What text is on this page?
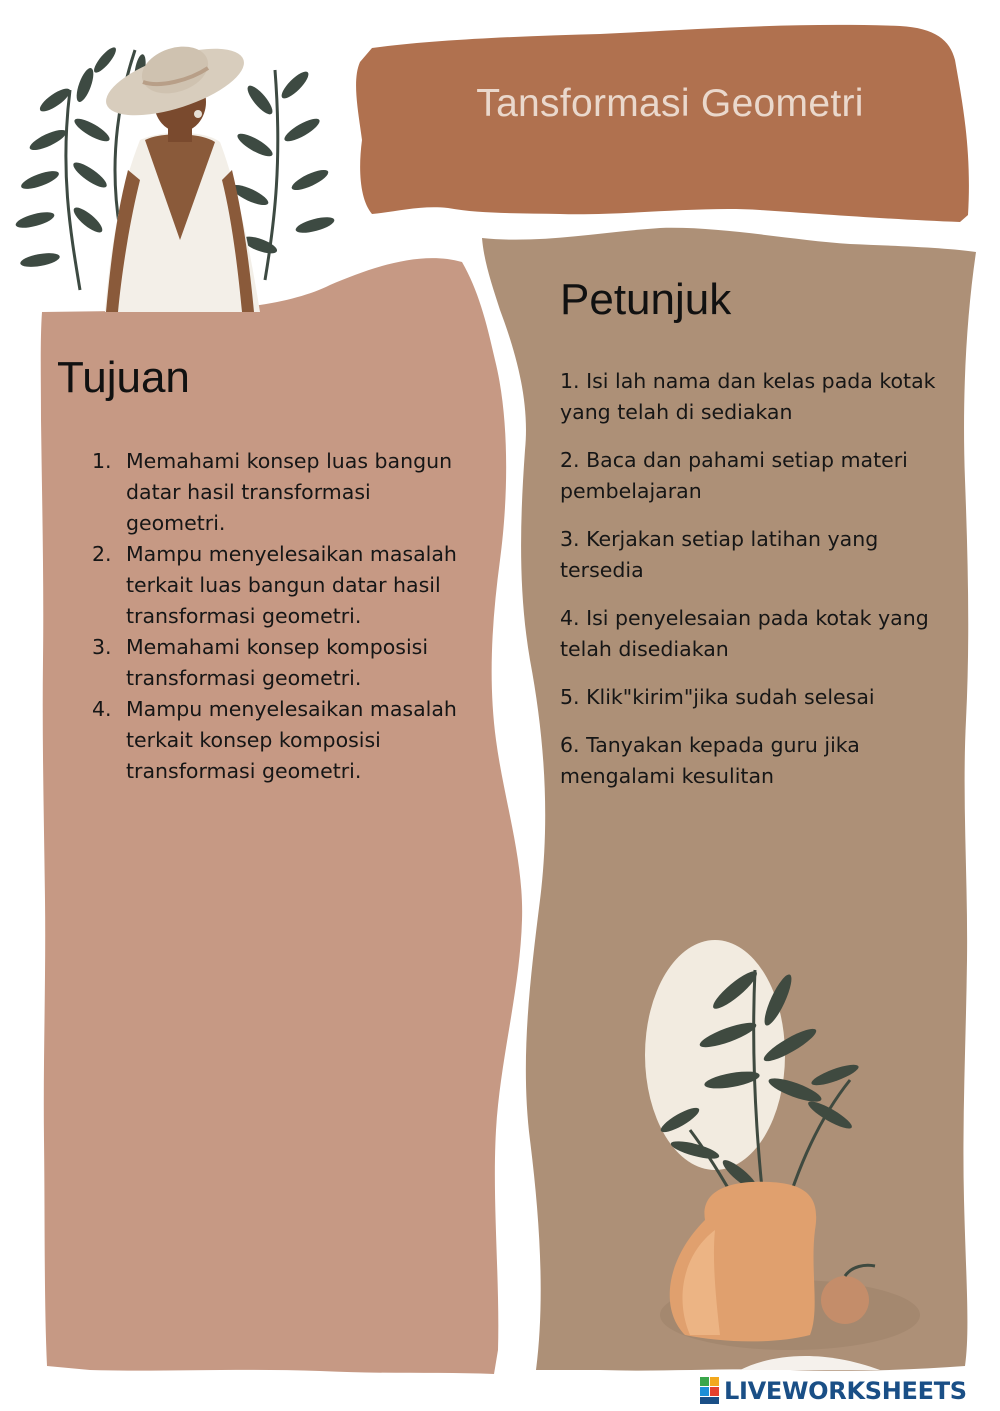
Tansformasi Geometri
Tujuan
1. Memahami konsep luas bangun datar hasil transformasi geometri.
2. Mampu menyelesaikan masalah terkait luas bangun datar hasil transformasi geometri.
3. Memahami konsep komposisi transformasi geometri.
4. Mampu menyelesaikan masalah terkait konsep komposisi transformasi geometri.
Petunjuk
1. Isi lah nama dan kelas pada kotak yang telah di sediakan
2. Baca dan pahami setiap materi pembelajaran
3. Kerjakan setiap latihan yang tersedia
4. Isi penyelesaian pada kotak yang telah disediakan
5. Klik"kirim"jika sudah selesai
6. Tanyakan kepada guru jika mengalami kesulitan
LIVEWORKSHEETS
